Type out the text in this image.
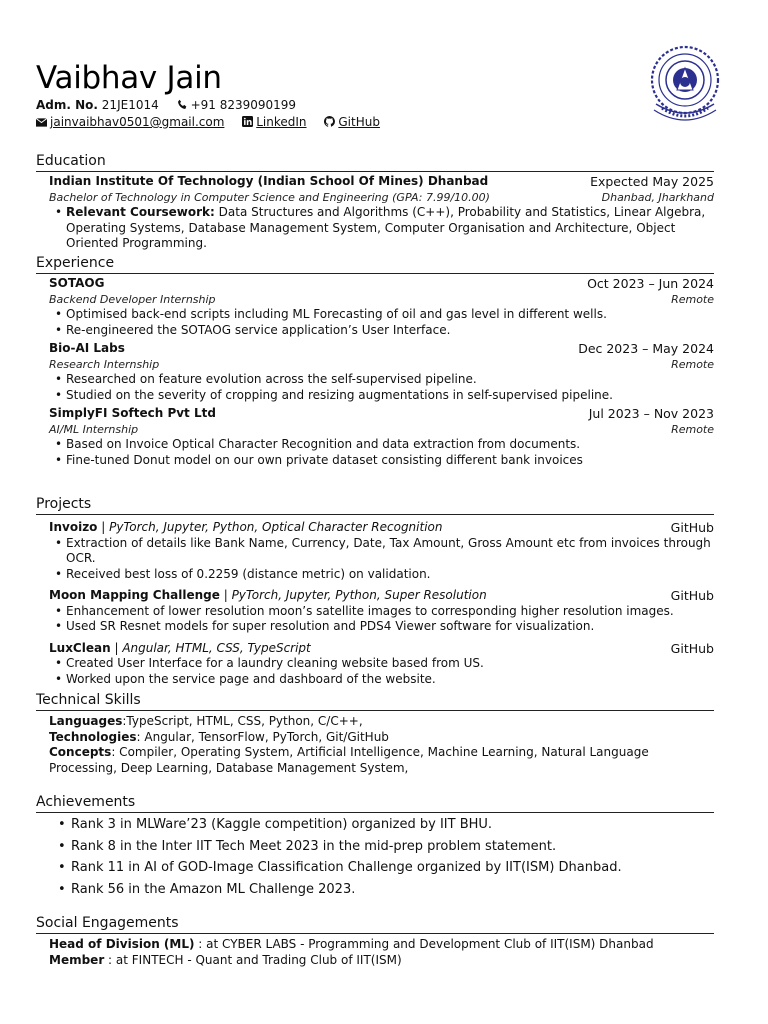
Vaibhav Jain
Adm. No. 21JE1014	+91 8239090199
jainvaibhav0501@gmail.com	LinkedIn	GitHub
Education
Indian Institute Of Technology (Indian School Of Mines) Dhanbad	Expected May 2025
Bachelor of Technology in Computer Science and Engineering (GPA: 7.99/10.00)	Dhanbad, Jharkhand
• Relevant Coursework: Data Structures and Algorithms (C++), Probability and Statistics, Linear Algebra, Operating Systems, Database Management System, Computer Organisation and Architecture, Object Oriented Programming.
Experience
SOTAOG	Oct 2023 – Jun 2024
Backend Developer Internship	Remote
• Optimised back-end scripts including ML Forecasting of oil and gas level in different wells.
• Re-engineered the SOTAOG service application’s User Interface.
Bio-AI Labs	Dec 2023 – May 2024
Research Internship	Remote
• Researched on feature evolution across the self-supervised pipeline.
• Studied on the severity of cropping and resizing augmentations in self-supervised pipeline.
SimplyFI Softech Pvt Ltd	Jul 2023 – Nov 2023
AI/ML Internship	Remote
• Based on Invoice Optical Character Recognition and data extraction from documents.
• Fine-tuned Donut model on our own private dataset consisting different bank invoices
Projects
Invoizo | PyTorch, Jupyter, Python, Optical Character Recognition	GitHub
• Extraction of details like Bank Name, Currency, Date, Tax Amount, Gross Amount etc from invoices through OCR.
• Received best loss of 0.2259 (distance metric) on validation.
Moon Mapping Challenge | PyTorch, Jupyter, Python, Super Resolution	GitHub
• Enhancement of lower resolution moon’s satellite images to corresponding higher resolution images.
• Used SR Resnet models for super resolution and PDS4 Viewer software for visualization.
LuxClean | Angular, HTML, CSS, TypeScript	GitHub
• Created User Interface for a laundry cleaning website based from US.
• Worked upon the service page and dashboard of the website.
Technical Skills
Languages:TypeScript, HTML, CSS, Python, C/C++,
Technologies: Angular, TensorFlow, PyTorch, Git/GitHub
Concepts: Compiler, Operating System, Artificial Intelligence, Machine Learning, Natural Language Processing, Deep Learning, Database Management System,
Achievements
• Rank 3 in MLWare’23 (Kaggle competition) organized by IIT BHU.
• Rank 8 in the Inter IIT Tech Meet 2023 in the mid-prep problem statement.
• Rank 11 in AI of GOD-Image Classification Challenge organized by IIT(ISM) Dhanbad.
• Rank 56 in the Amazon ML Challenge 2023.
Social Engagements
Head of Division (ML) : at CYBER LABS - Programming and Development Club of IIT(ISM) Dhanbad
Member : at FINTECH - Quant and Trading Club of IIT(ISM)
